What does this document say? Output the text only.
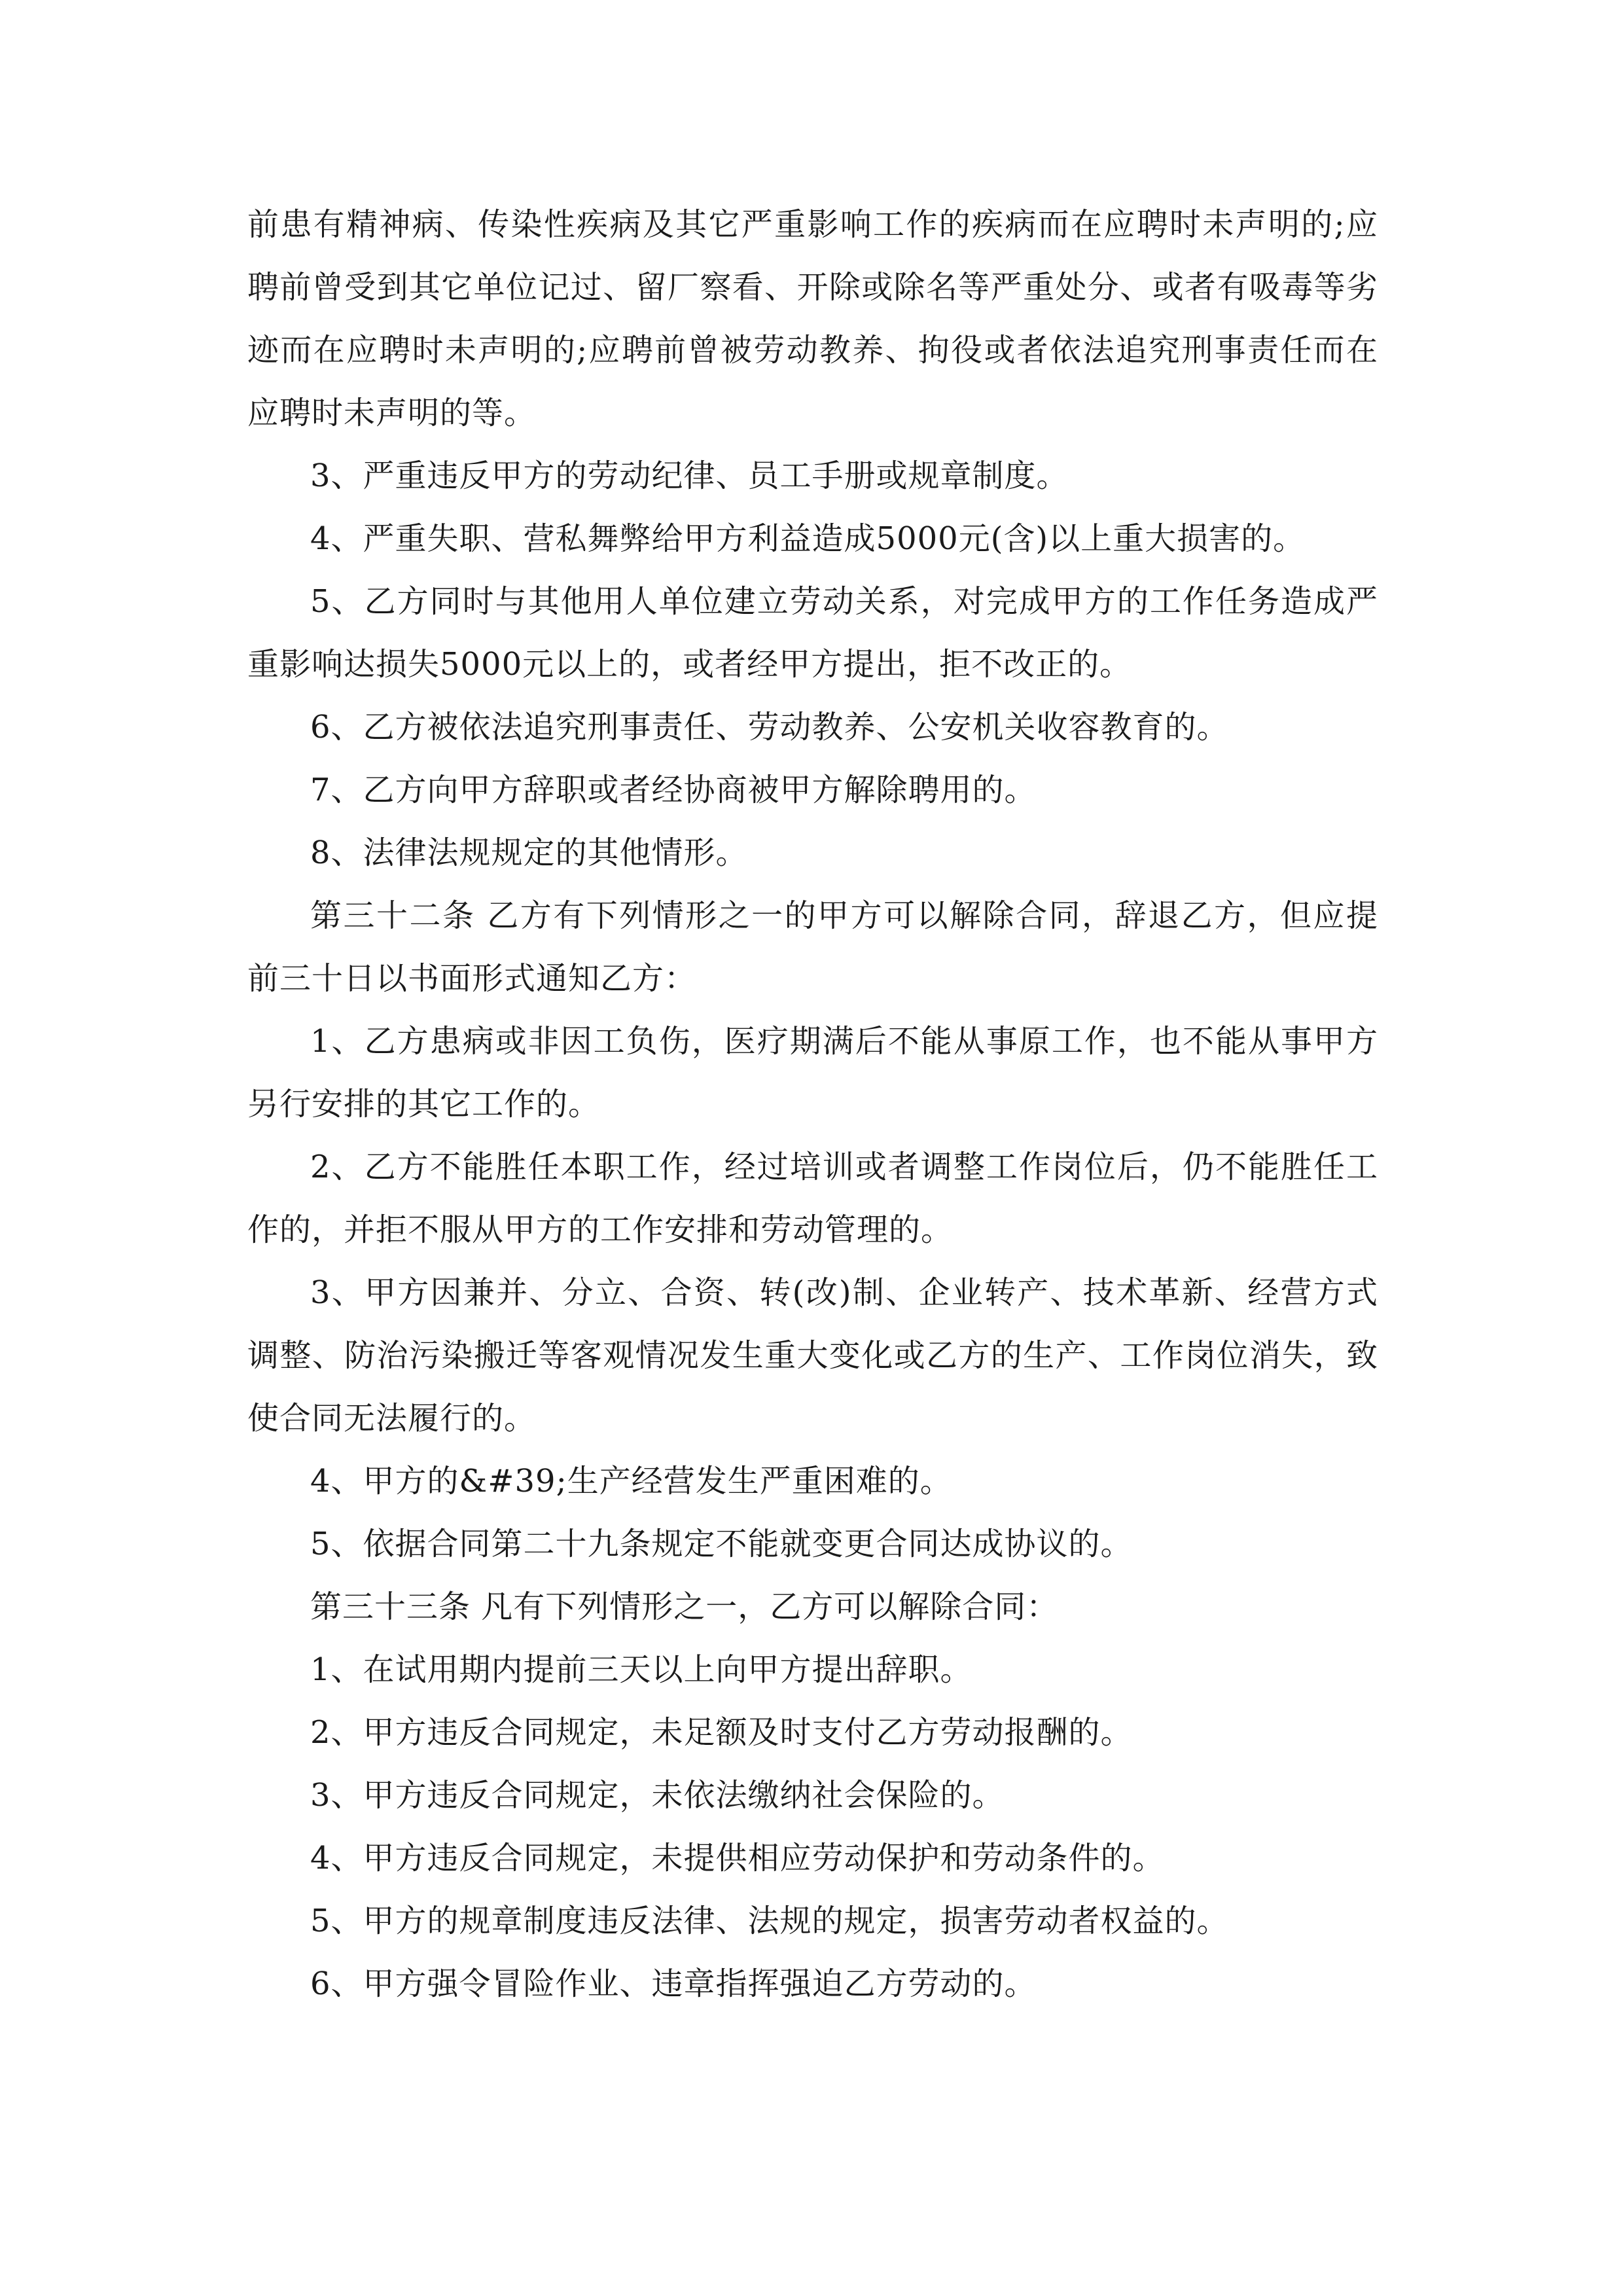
前患有精神病、传染性疾病及其它严重影响工作的疾病而在应聘时未声明的;应聘前曾受到其它单位记过、留厂察看、开除或除名等严重处分、或者有吸毒等劣迹而在应聘时未声明的;应聘前曾被劳动教养、拘役或者依法追究刑事责任而在应聘时未声明的等。

3、严重违反甲方的劳动纪律、员工手册或规章制度。

4、严重失职、营私舞弊给甲方利益造成5000元(含)以上重大损害的。

5、乙方同时与其他用人单位建立劳动关系，对完成甲方的工作任务造成严重影响达损失5000元以上的，或者经甲方提出，拒不改正的。

6、乙方被依法追究刑事责任、劳动教养、公安机关收容教育的。

7、乙方向甲方辞职或者经协商被甲方解除聘用的。

8、法律法规规定的其他情形。

第三十二条 乙方有下列情形之一的甲方可以解除合同，辞退乙方，但应提前三十日以书面形式通知乙方：

1、乙方患病或非因工负伤，医疗期满后不能从事原工作，也不能从事甲方另行安排的其它工作的。

2、乙方不能胜任本职工作，经过培训或者调整工作岗位后，仍不能胜任工作的，并拒不服从甲方的工作安排和劳动管理的。

3、甲方因兼并、分立、合资、转(改)制、企业转产、技术革新、经营方式调整、防治污染搬迁等客观情况发生重大变化或乙方的生产、工作岗位消失，致使合同无法履行的。

4、甲方的&#39;生产经营发生严重困难的。

5、依据合同第二十九条规定不能就变更合同达成协议的。

第三十三条 凡有下列情形之一，乙方可以解除合同：

1、在试用期内提前三天以上向甲方提出辞职。

2、甲方违反合同规定，未足额及时支付乙方劳动报酬的。

3、甲方违反合同规定，未依法缴纳社会保险的。

4、甲方违反合同规定，未提供相应劳动保护和劳动条件的。

5、甲方的规章制度违反法律、法规的规定，损害劳动者权益的。

6、甲方强令冒险作业、违章指挥强迫乙方劳动的。
